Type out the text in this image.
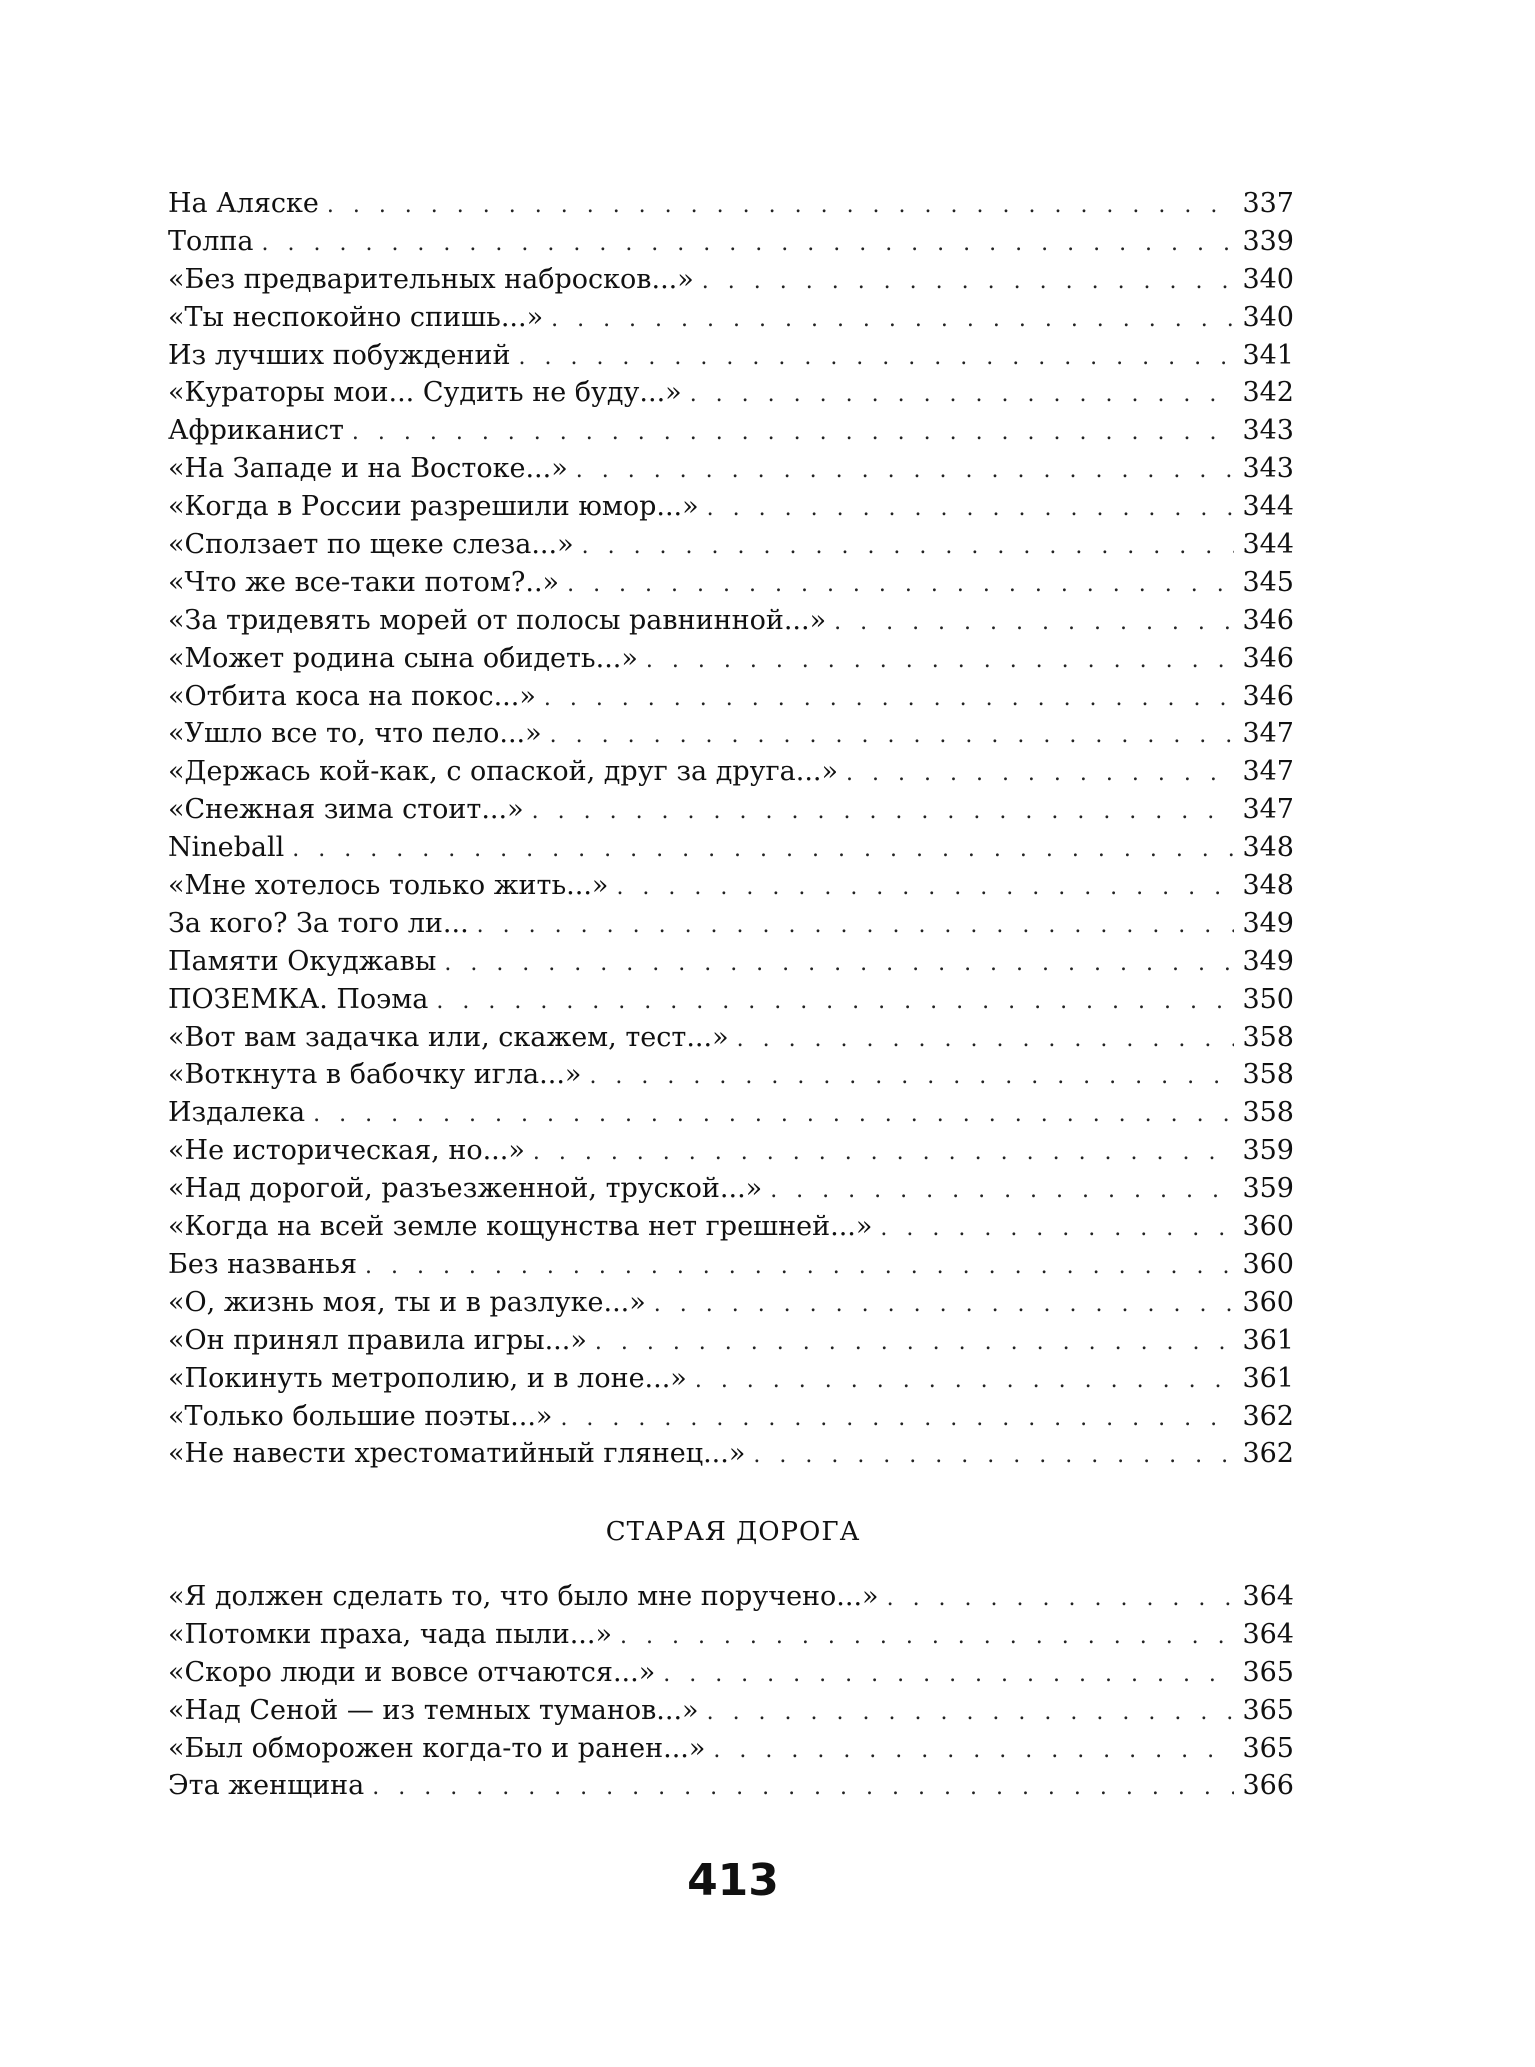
На Аляске . . .	337
Толпа . . .	339
«Без предварительных набросков...» . . .	340
«Ты неспокойно спишь...» . . .	340
Из лучших побуждений . . .	341
«Кураторы мои... Судить не буду...» . . .	342
Африканист . . .	343
«На Западе и на Востоке...» . . .	343
«Когда в России разрешили юмор...» . . .	344
«Сползает по щеке слеза...» . . .	344
«Что же все-таки потом?..» . . .	345
«За тридевять морей от полосы равнинной...» . . .	346
«Может родина сына обидеть...» . . .	346
«Отбита коса на покос...» . . .	346
«Ушло все то, что пело...» . . .	347
«Держась кой-как, с опаской, друг за друга...» . . .	347
«Снежная зима стоит...» . . .	347
Nineball . . .	348
«Мне хотелось только жить...» . . .	348
За кого? За того ли... . . .	349
Памяти Окуджавы . . .	349
ПОЗЕМКА. Поэма . . .	350
«Вот вам задачка или, скажем, тест...» . . .	358
«Воткнута в бабочку игла...» . . .	358
Издалека . . .	358
«Не историческая, но...» . . .	359
«Над дорогой, разъезженной, труской...» . . .	359
«Когда на всей земле кощунства нет грешней...» . . .	360
Без названья . . .	360
«О, жизнь моя, ты и в разлуке...» . . .	360
«Он принял правила игры...» . . .	361
«Покинуть метрополию, и в лоне...» . . .	361
«Только большие поэты...» . . .	362
«Не навести хрестоматийный глянец...» . . .	362
СТАРАЯ ДОРОГА
«Я должен сделать то, что было мне поручено...» . . .	364
«Потомки праха, чада пыли...» . . .	364
«Скоро люди и вовсе отчаются...» . . .	365
«Над Сеной — из темных туманов...» . . .	365
«Был обморожен когда-то и ранен...» . . .	365
Эта женщина . . .	366
413
